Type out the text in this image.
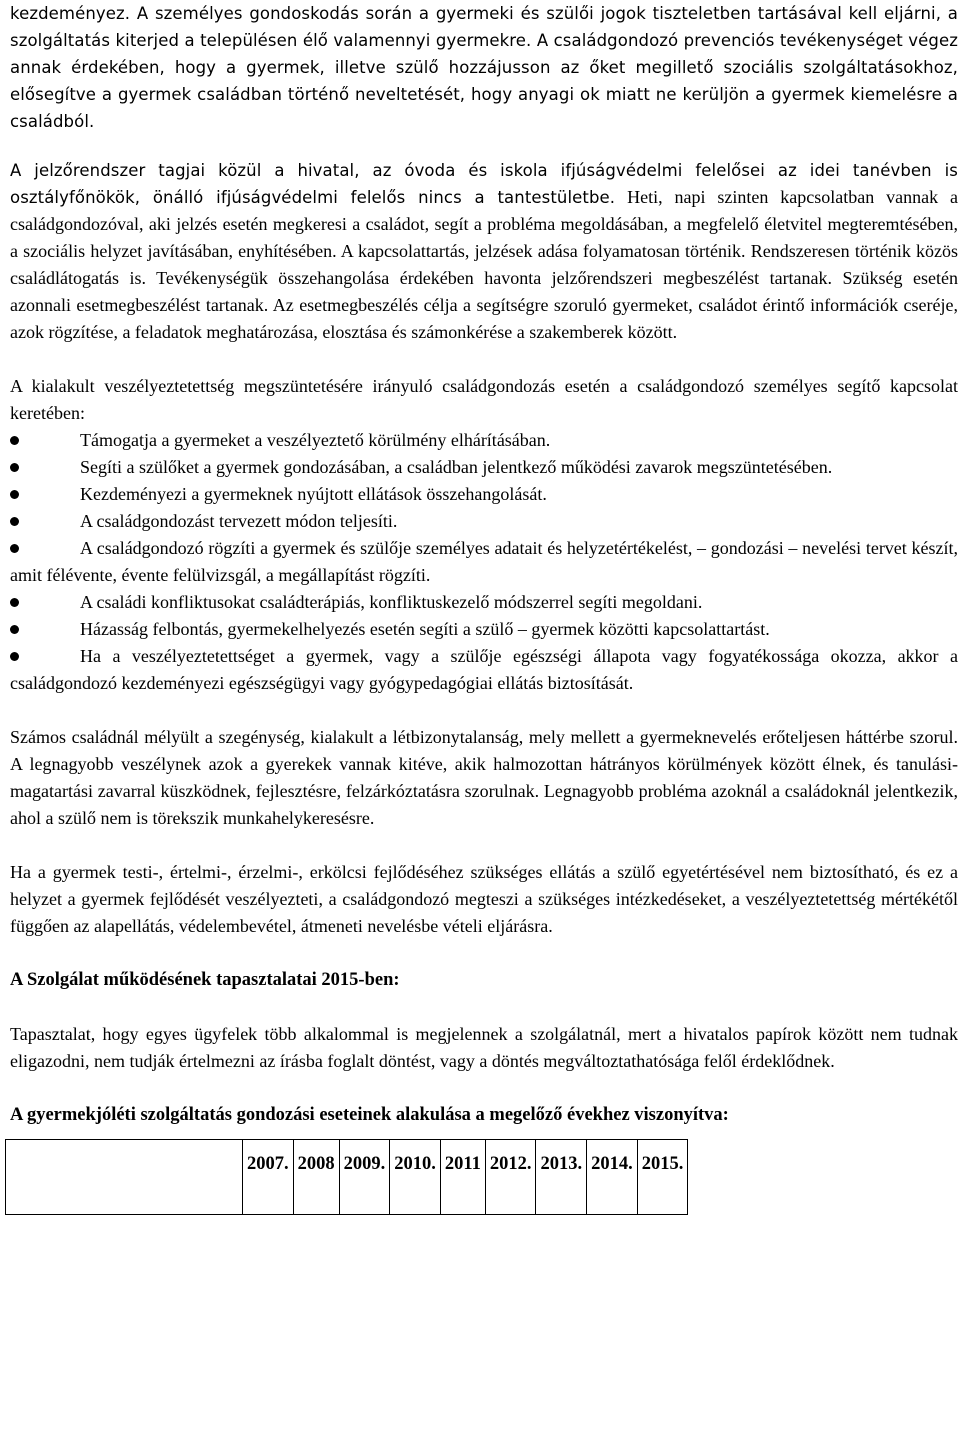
kezdeményez. A személyes gondoskodás során a gyermeki és szülői jogok tiszteletben tartásával kell eljárni, a szolgáltatás kiterjed a településen élő valamennyi gyermekre. A családgondozó prevenciós tevékenységet végez annak érdekében, hogy a gyermek, illetve szülő hozzájusson az őket megillető szociális szolgáltatásokhoz, elősegítve a gyermek családban történő neveltetését, hogy anyagi ok miatt ne kerüljön a gyermek kiemelésre a családból.

A jelzőrendszer tagjai közül a hivatal, az óvoda és iskola ifjúságvédelmi felelősei az idei tanévben is osztályfőnökök, önálló ifjúságvédelmi felelős nincs a tantestületbe. Heti, napi szinten kapcsolatban vannak a családgondozóval, aki jelzés esetén megkeresi a családot, segít a probléma megoldásában, a megfelelő életvitel megteremtésében, a szociális helyzet javításában, enyhítésében. A kapcsolattartás, jelzések adása folyamatosan történik. Rendszeresen történik közös családlátogatás is. Tevékenységük összehangolása érdekében havonta jelzőrendszeri megbeszélést tartanak. Szükség esetén azonnali esetmegbeszélést tartanak. Az esetmegbeszélés célja a segítségre szoruló gyermeket, családot érintő információk cseréje, azok rögzítése, a feladatok meghatározása, elosztása és számonkérése a szakemberek között.

A kialakult veszélyeztetettség megszüntetésére irányuló családgondozás esetén a családgondozó személyes segítő kapcsolat keretében:

Támogatja a gyermeket a veszélyeztető körülmény elhárításában.
Segíti a szülőket a gyermek gondozásában, a családban jelentkező működési zavarok megszüntetésében.
Kezdeményezi a gyermeknek nyújtott ellátások összehangolását.
A családgondozást tervezett módon teljesíti.
A családgondozó rögzíti a gyermek és szülője személyes adatait és helyzetértékelést, – gondozási – nevelési tervet készít, amit félévente, évente felülvizsgál, a megállapítást rögzíti.
A családi konfliktusokat családterápiás, konfliktuskezelő módszerrel segíti megoldani.
Házasság felbontás, gyermekelhelyezés esetén segíti a szülő – gyermek közötti kapcsolattartást.
Ha a veszélyeztetettséget a gyermek, vagy a szülője egészségi állapota vagy fogyatékossága okozza, akkor a családgondozó kezdeményezi egészségügyi vagy gyógypedagógiai ellátás biztosítását.

Számos családnál mélyült a szegénység, kialakult a létbizonytalanság, mely mellett a gyermeknevelés erőteljesen háttérbe szorul. A legnagyobb veszélynek azok a gyerekek vannak kitéve, akik halmozottan hátrányos körülmények között élnek, és tanulási- magatartási zavarral küszködnek, fejlesztésre, felzárkóztatásra szorulnak. Legnagyobb probléma azoknál a családoknál jelentkezik, ahol a szülő nem is törekszik munkahelykeresésre.

Ha a gyermek testi-, értelmi-, érzelmi-, erkölcsi fejlődéséhez szükséges ellátás a szülő egyetértésével nem biztosítható, és ez a helyzet a gyermek fejlődését veszélyezteti, a családgondozó megteszi a szükséges intézkedéseket, a veszélyeztetettség mértékétől függően az alapellátás, védelembevétel, átmeneti nevelésbe vételi eljárásra.

A Szolgálat működésének tapasztalatai 2015-ben:

Tapasztalat, hogy egyes ügyfelek több alkalommal is megjelennek a szolgálatnál, mert a hivatalos papírok között nem tudnak eligazodni, nem tudják értelmezni az írásba foglalt döntést, vagy a döntés megváltoztathatósága felől érdeklődnek.

A gyermekjóléti szolgáltatás gondozási eseteinek alakulása a megelőző évekhez viszonyítva:
	2007.	2008	2009.	2010.	2011	2012.	2013.	2014.	2015.
